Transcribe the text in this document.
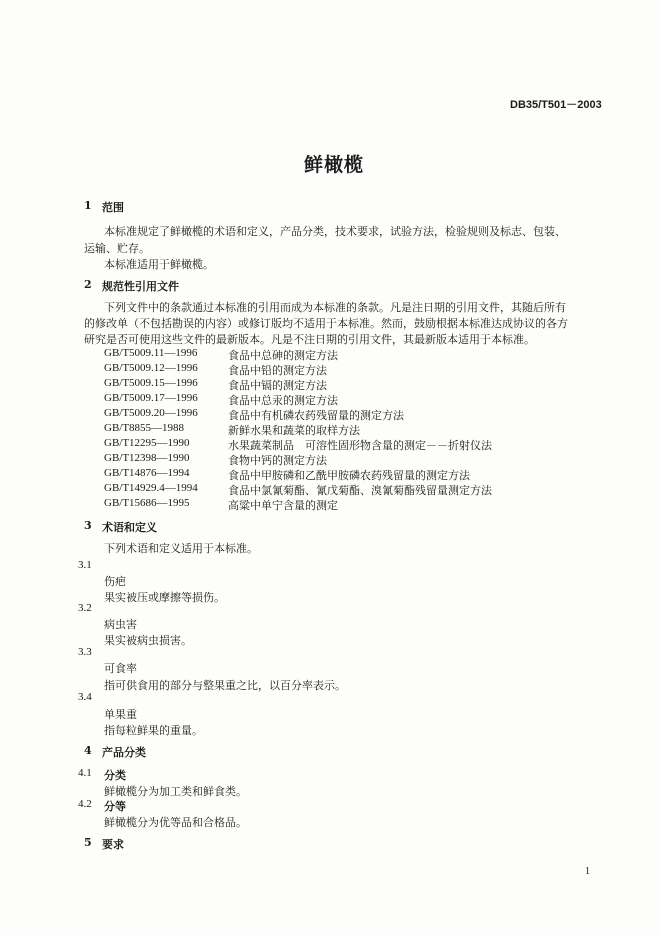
DB35/T501－2003
鲜橄榄
1 范围
本标准规定了鲜橄榄的术语和定义，产品分类，技术要求，试验方法，检验规则及标志、包装、
运输、贮存。
本标准适用于鲜橄榄。
2 规范性引用文件
下列文件中的条款通过本标准的引用而成为本标准的条款。凡是注日期的引用文件，其随后所有
的修改单（不包括勘误的内容）或修订版均不适用于本标准。然而，鼓励根据本标准达成协议的各方
研究是否可使用这些文件的最新版本。凡是不注日期的引用文件，其最新版本适用于本标准。
GB/T5009.11—1996	食品中总砷的测定方法
GB/T5009.12—1996	食品中铅的测定方法
GB/T5009.15—1996	食品中镉的测定方法
GB/T5009.17—1996	食品中总汞的测定方法
GB/T5009.20—1996	食品中有机磷农药残留量的测定方法
GB/T8855—1988	新鲜水果和蔬菜的取样方法
GB/T12295—1990	水果蔬菜制品　可溶性固形物含量的测定－－折射仪法
GB/T12398—1990	食物中钙的测定方法
GB/T14876—1994	食品中甲胺磷和乙酰甲胺磷农药残留量的测定方法
GB/T14929.4—1994	食品中氯氰菊酯、氰戊菊酯、溴氰菊酯残留量测定方法
GB/T15686—1995	高粱中单宁含量的测定
3 术语和定义
下列术语和定义适用于本标准。
3.1
伤疤
果实被压或摩擦等损伤。
3.2
病虫害
果实被病虫损害。
3.3
可食率
指可供食用的部分与整果重之比，以百分率表示。
3.4
单果重
指每粒鲜果的重量。
4 产品分类
4.1 分类
鲜橄榄分为加工类和鲜食类。
4.2 分等
鲜橄榄分为优等品和合格品。
5 要求
1
